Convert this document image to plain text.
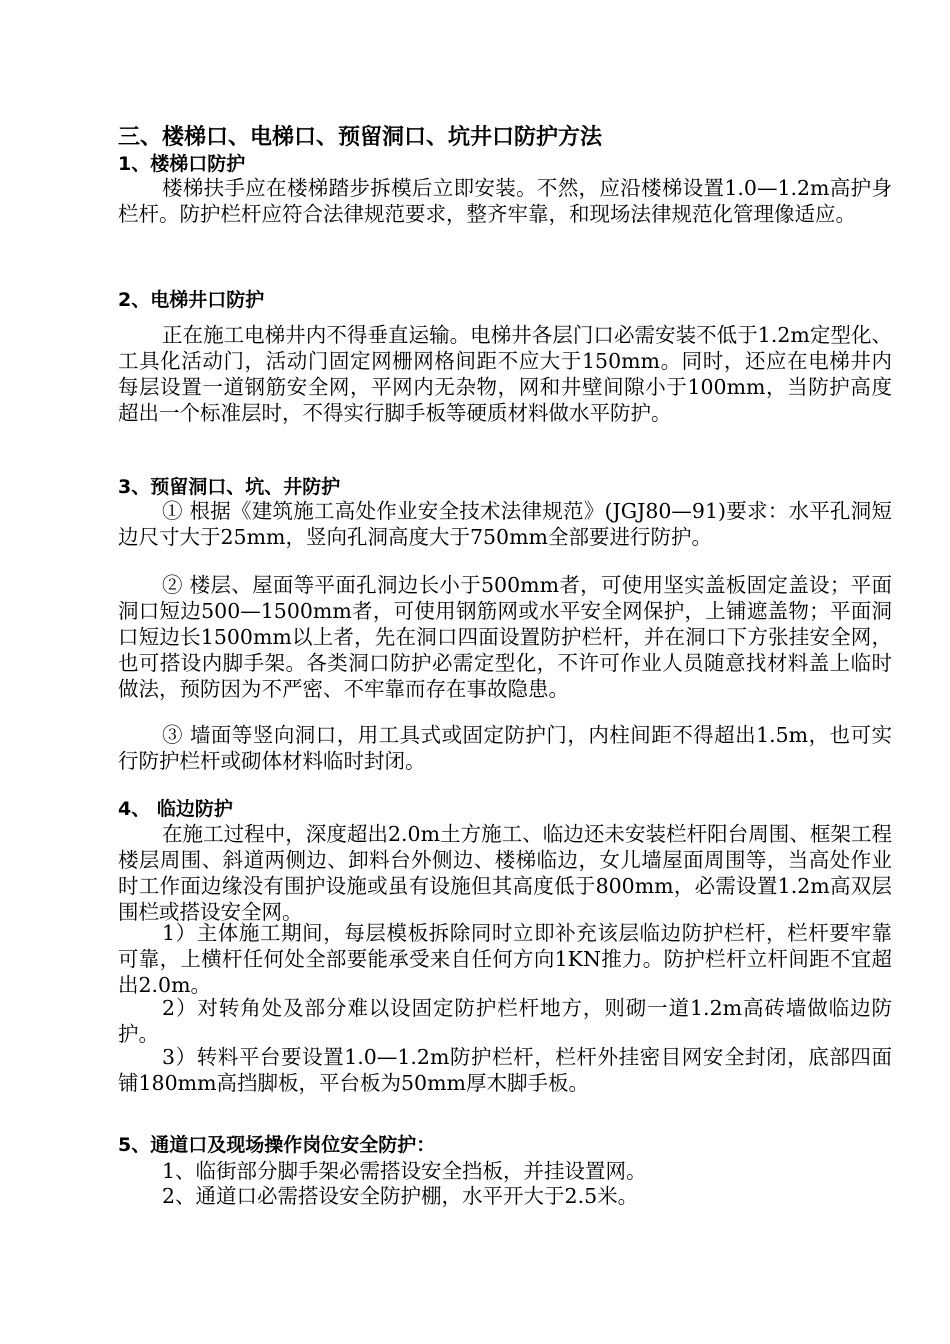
三、楼梯口、电梯口、预留洞口、坑井口防护方法
1、楼梯口防护
楼梯扶手应在楼梯踏步拆模后立即安装。不然，应沿楼梯设置1.0—1.2m高护身栏杆。防护栏杆应符合法律规范要求，整齐牢靠，和现场法律规范化管理像适应。
2、电梯井口防护
正在施工电梯井内不得垂直运输。电梯井各层门口必需安装不低于1.2m定型化、工具化活动门，活动门固定网栅网格间距不应大于150mm。同时，还应在电梯井内每层设置一道钢筋安全网，平网内无杂物，网和井壁间隙小于100mm，当防护高度超出一个标准层时，不得实行脚手板等硬质材料做水平防护。
3、预留洞口、坑、井防护
① 根据《建筑施工高处作业安全技术法律规范》(JGJ80—91)要求：水平孔洞短边尺寸大于25mm，竖向孔洞高度大于750mm全部要进行防护。
② 楼层、屋面等平面孔洞边长小于500mm者，可使用坚实盖板固定盖设；平面洞口短边500—1500mm者，可使用钢筋网或水平安全网保护，上铺遮盖物；平面洞口短边长1500mm以上者，先在洞口四面设置防护栏杆，并在洞口下方张挂安全网，也可搭设内脚手架。各类洞口防护必需定型化，不许可作业人员随意找材料盖上临时做法，预防因为不严密、不牢靠而存在事故隐患。
③ 墙面等竖向洞口，用工具式或固定防护门，内柱间距不得超出1.5m，也可实行防护栏杆或砌体材料临时封闭。
4、 临边防护
在施工过程中，深度超出2.0m土方施工、临边还未安装栏杆阳台周围、框架工程楼层周围、斜道两侧边、卸料台外侧边、楼梯临边，女儿墙屋面周围等，当高处作业时工作面边缘没有围护设施或虽有设施但其高度低于800mm，必需设置1.2m高双层围栏或搭设安全网。
1）主体施工期间，每层模板拆除同时立即补充该层临边防护栏杆，栏杆要牢靠可靠，上横杆任何处全部要能承受来自任何方向1KN推力。防护栏杆立杆间距不宜超出2.0m。
2）对转角处及部分难以设固定防护栏杆地方，则砌一道1.2m高砖墙做临边防护。
3）转料平台要设置1.0—1.2m防护栏杆，栏杆外挂密目网安全封闭，底部四面铺180mm高挡脚板，平台板为50mm厚木脚手板。
5、通道口及现场操作岗位安全防护：
1、临街部分脚手架必需搭设安全挡板，并挂设置网。
2、通道口必需搭设安全防护棚，水平开大于2.5米。
